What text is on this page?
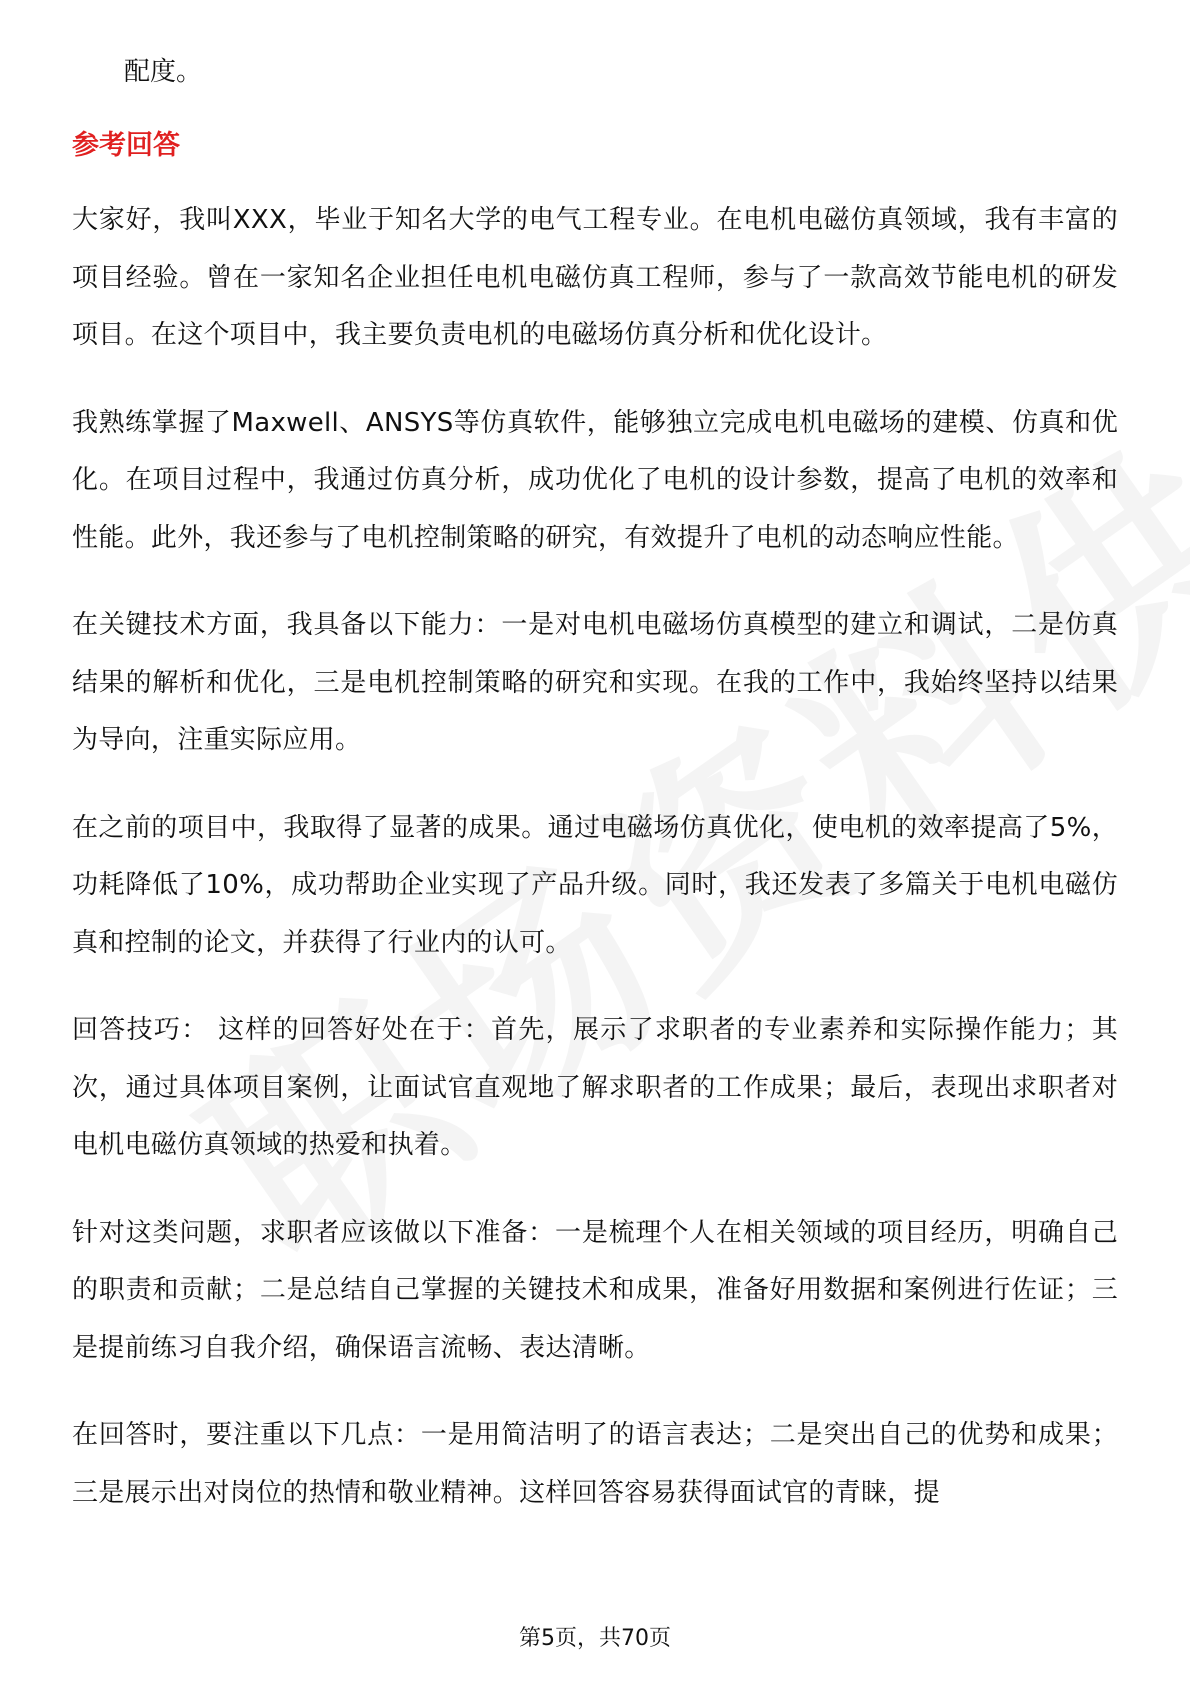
配度。

参考回答

大家好，我叫XXX，毕业于知名大学的电气工程专业。在电机电磁仿真领域，我有丰富的项目经验。曾在一家知名企业担任电机电磁仿真工程师，参与了一款高效节能电机的研发项目。在这个项目中，我主要负责电机的电磁场仿真分析和优化设计。

我熟练掌握了Maxwell、ANSYS等仿真软件，能够独立完成电机电磁场的建模、仿真和优化。在项目过程中，我通过仿真分析，成功优化了电机的设计参数，提高了电机的效率和性能。此外，我还参与了电机控制策略的研究，有效提升了电机的动态响应性能。

在关键技术方面，我具备以下能力：一是对电机电磁场仿真模型的建立和调试，二是仿真结果的解析和优化，三是电机控制策略的研究和实现。在我的工作中，我始终坚持以结果为导向，注重实际应用。

在之前的项目中，我取得了显著的成果。通过电磁场仿真优化，使电机的效率提高了5%，功耗降低了10%，成功帮助企业实现了产品升级。同时，我还发表了多篇关于电机电磁仿真和控制的论文，并获得了行业内的认可。

回答技巧： 这样的回答好处在于：首先，展示了求职者的专业素养和实际操作能力；其次，通过具体项目案例，让面试官直观地了解求职者的工作成果；最后，表现出求职者对电机电磁仿真领域的热爱和执着。

针对这类问题，求职者应该做以下准备：一是梳理个人在相关领域的项目经历，明确自己的职责和贡献；二是总结自己掌握的关键技术和成果，准备好用数据和案例进行佐证；三是提前练习自我介绍，确保语言流畅、表达清晰。

在回答时，要注重以下几点：一是用简洁明了的语言表达；二是突出自己的优势和成果；三是展示出对岗位的热情和敬业精神。这样回答容易获得面试官的青睐，提

第5页，共70页
